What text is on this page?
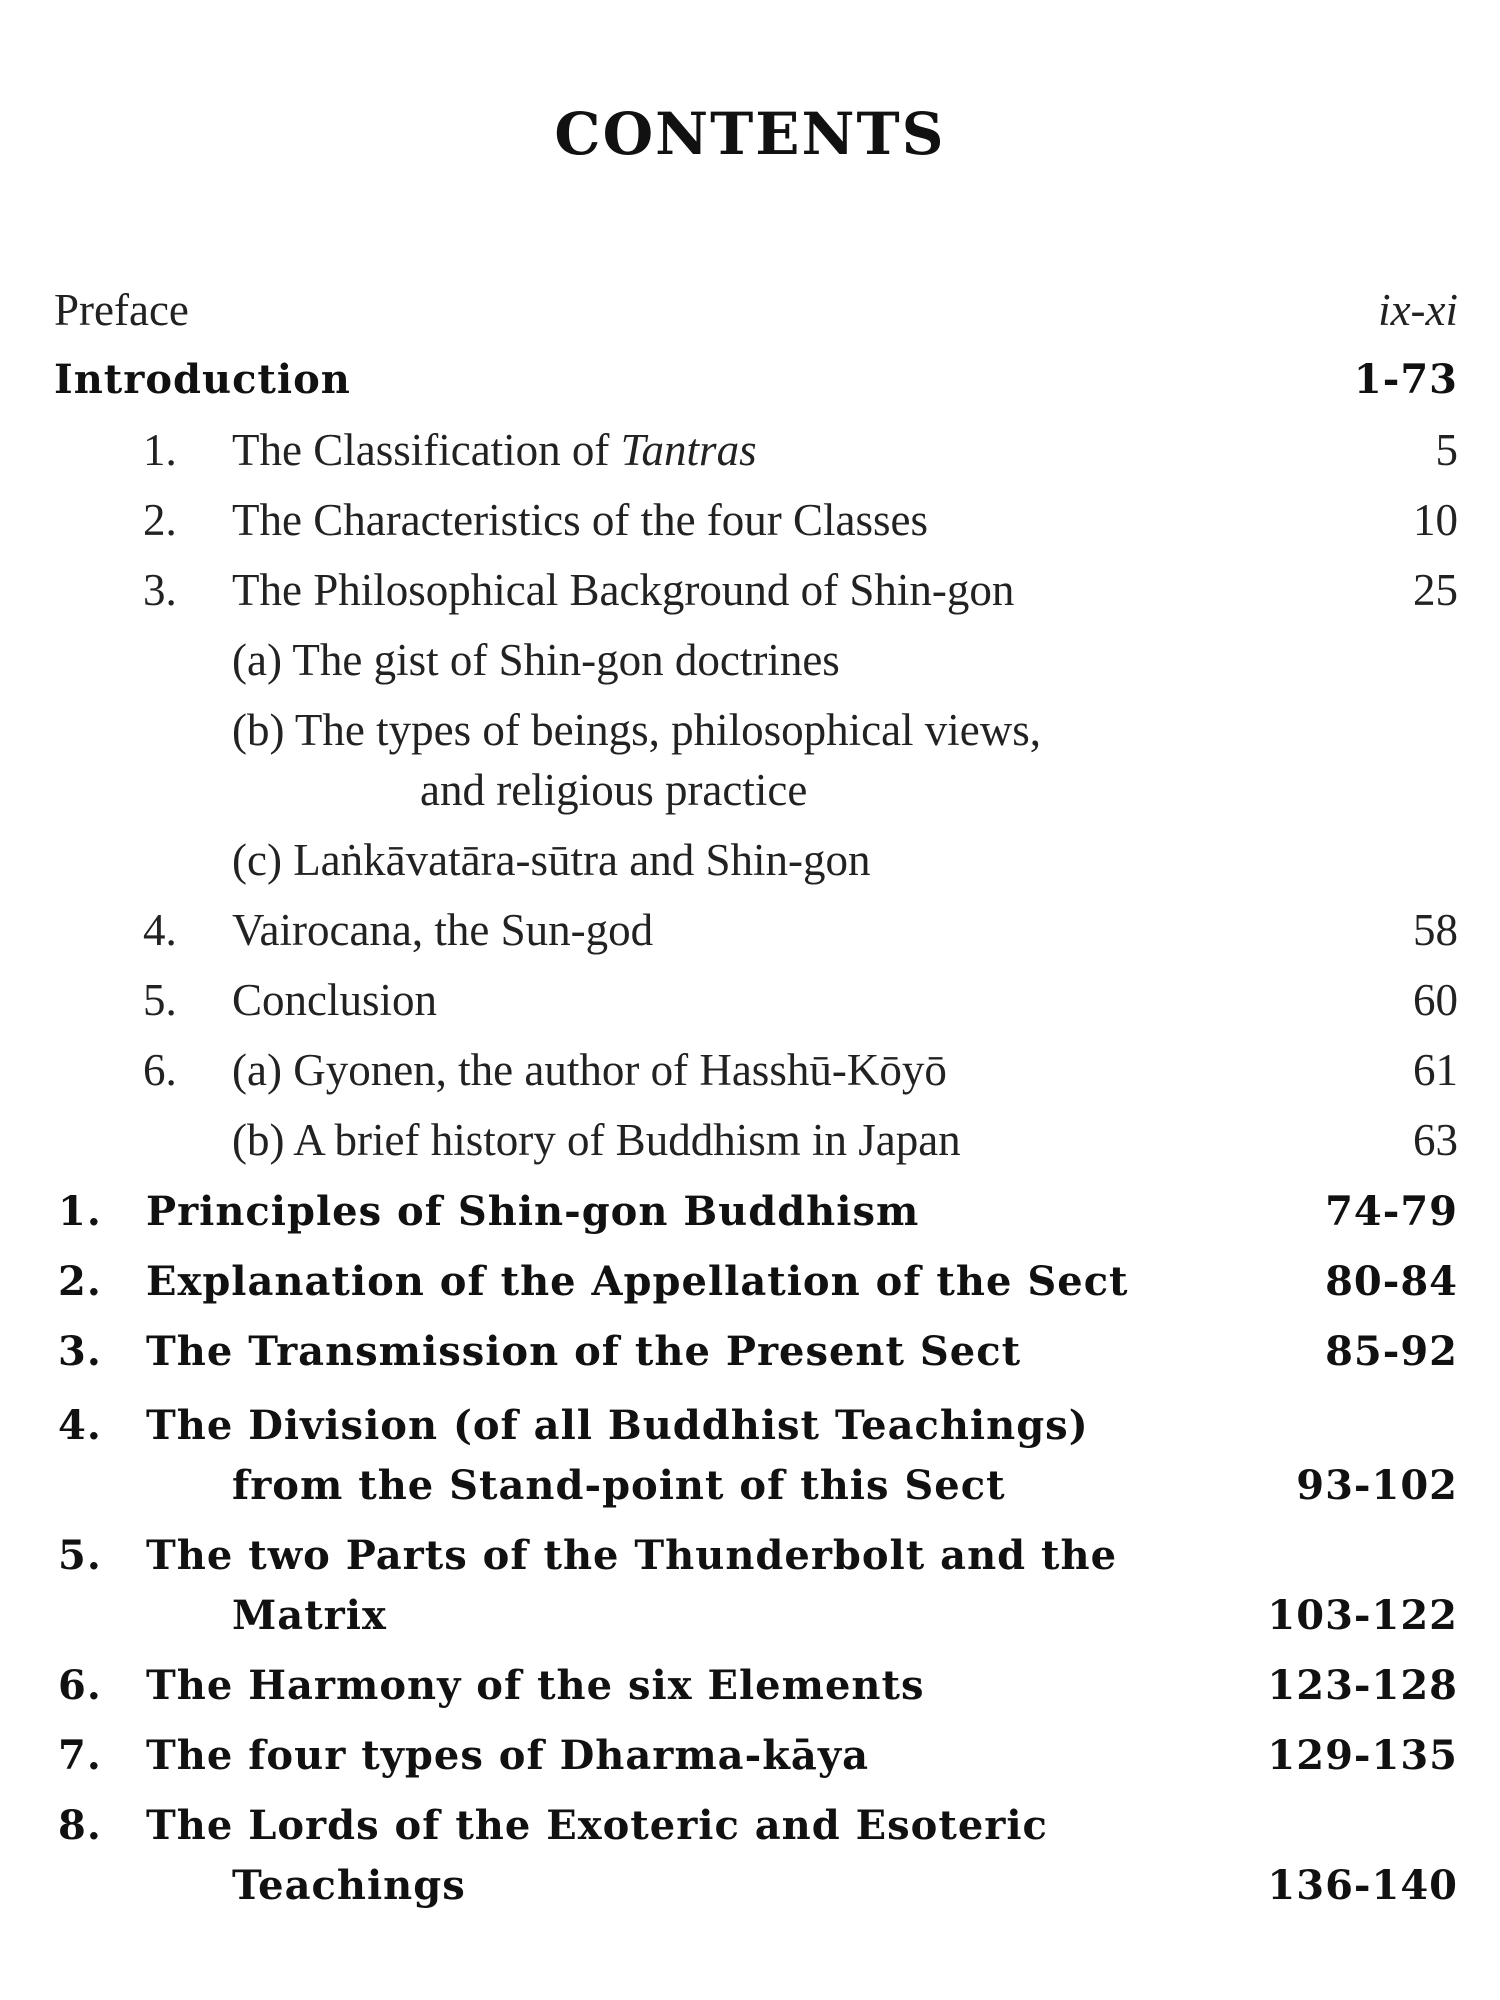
CONTENTS
Preface	ix-xi
Introduction	1-73
1. The Classification of Tantras	5
2. The Characteristics of the four Classes	10
3. The Philosophical Background of Shin-gon	25
(a) The gist of Shin-gon doctrines
(b) The types of beings, philosophical views,
and religious practice
(c) Laṅkāvatāra-sūtra and Shin-gon
4. Vairocana, the Sun-god	58
5. Conclusion	60
6. (a) Gyonen, the author of Hasshū-Kōyō	61
(b) A brief history of Buddhism in Japan	63
1. Principles of Shin-gon Buddhism	74-79
2. Explanation of the Appellation of the Sect	80-84
3. The Transmission of the Present Sect	85-92
4. The Division (of all Buddhist Teachings)
from the Stand-point of this Sect	93-102
5. The two Parts of the Thunderbolt and the
Matrix	103-122
6. The Harmony of the six Elements	123-128
7. The four types of Dharma-kāya	129-135
8. The Lords of the Exoteric and Esoteric
Teachings	136-140
